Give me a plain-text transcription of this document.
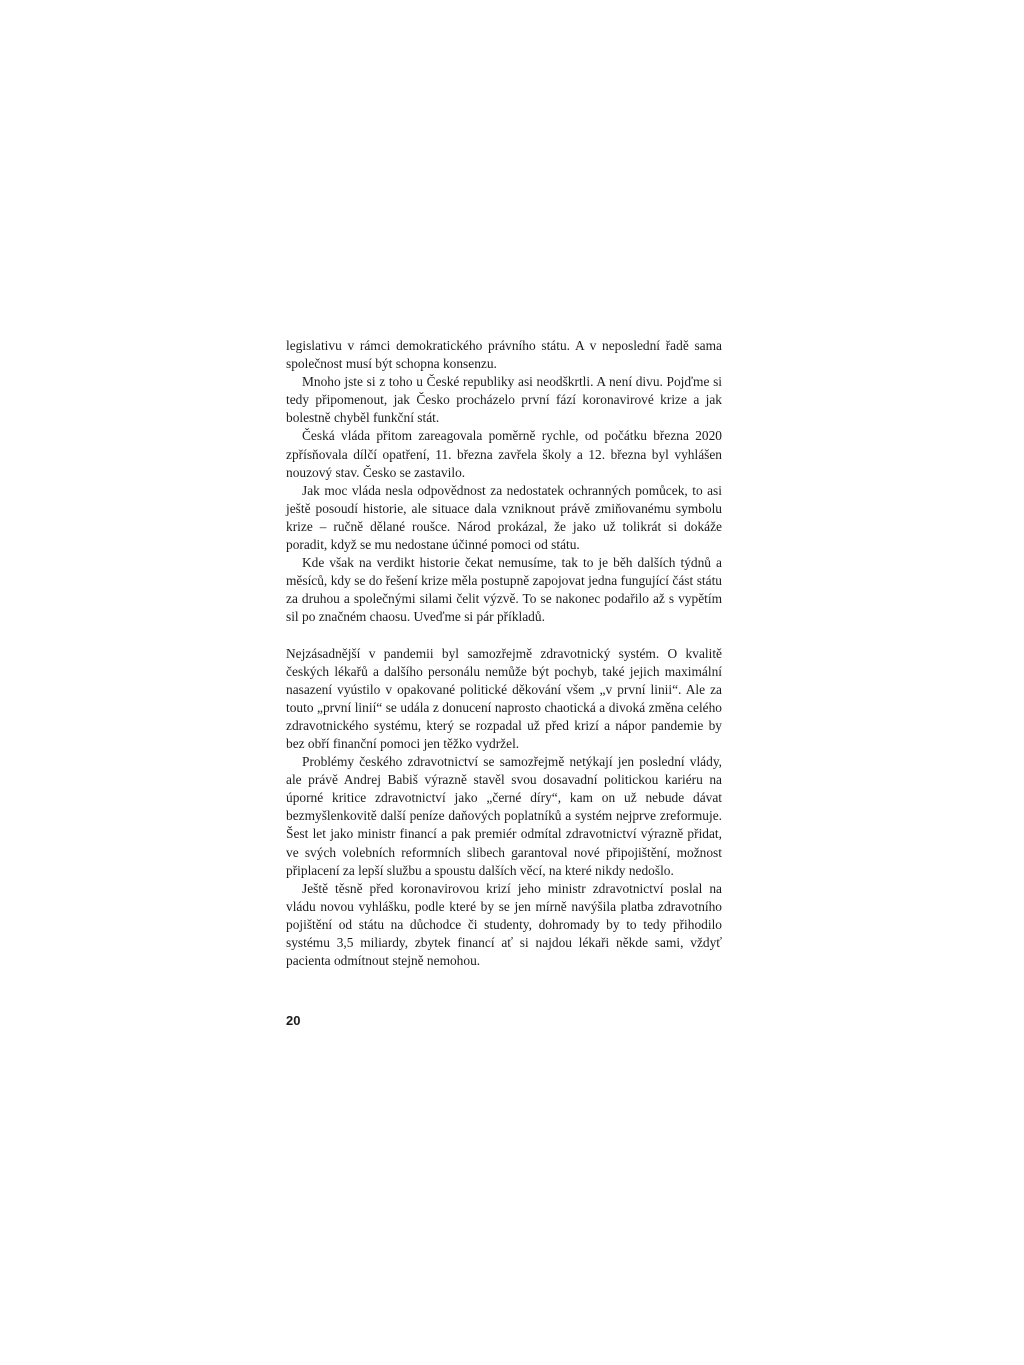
legislativu v rámci demokratického právního státu. A v neposlední řadě sama společnost musí být schopna konsenzu.

Mnoho jste si z toho u České republiky asi neodškrtli. A není divu. Pojďme si tedy připomenout, jak Česko procházelo první fází koronavirové krize a jak bolestně chyběl funkční stát.

Česká vláda přitom zareagovala poměrně rychle, od počátku března 2020 zpřísňovala dílčí opatření, 11. března zavřela školy a 12. března byl vyhlášen nouzový stav. Česko se zastavilo.

Jak moc vláda nesla odpovědnost za nedostatek ochranných pomůcek, to asi ještě posoudí historie, ale situace dala vzniknout právě zmiňovanému symbolu krize – ručně dělané roušce. Národ prokázal, že jako už tolikrát si dokáže poradit, když se mu nedostane účinné pomoci od státu.

Kde však na verdikt historie čekat nemusíme, tak to je běh dalších týdnů a měsíců, kdy se do řešení krize měla postupně zapojovat jedna fungující část státu za druhou a společnými silami čelit výzvě. To se nakonec podařilo až s vypětím sil po značném chaosu. Uveďme si pár příkladů.

Nejzásadnější v pandemii byl samozřejmě zdravotnický systém. O kvalitě českých lékařů a dalšího personálu nemůže být pochyb, také jejich maximální nasazení vyústilo v opakované politické děkování všem „v první linii“. Ale za touto „první linií“ se udála z donucení naprosto chaotická a divoká změna celého zdravotnického systému, který se rozpadal už před krizí a nápor pandemie by bez obří finanční pomoci jen těžko vydržel.

Problémy českého zdravotnictví se samozřejmě netýkají jen poslední vlády, ale právě Andrej Babiš výrazně stavěl svou dosavadní politickou kariéru na úporné kritice zdravotnictví jako „černé díry“, kam on už nebude dávat bezmyšlenkovitě další peníze daňových poplatníků a systém nejprve zreformuje. Šest let jako ministr financí a pak premiér odmítal zdravotnictví výrazně přidat, ve svých volebních reformních slibech garantoval nové připojištění, možnost připlacení za lepší službu a spoustu dalších věcí, na které nikdy nedošlo.

Ještě těsně před koronavirovou krizí jeho ministr zdravotnictví poslal na vládu novou vyhlášku, podle které by se jen mírně navýšila platba zdravotního pojištění od státu na důchodce či studenty, dohromady by to tedy přihodilo systému 3,5 miliardy, zbytek financí ať si najdou lékaři někde sami, vždyť pacienta odmítnout stejně nemohou.

20
